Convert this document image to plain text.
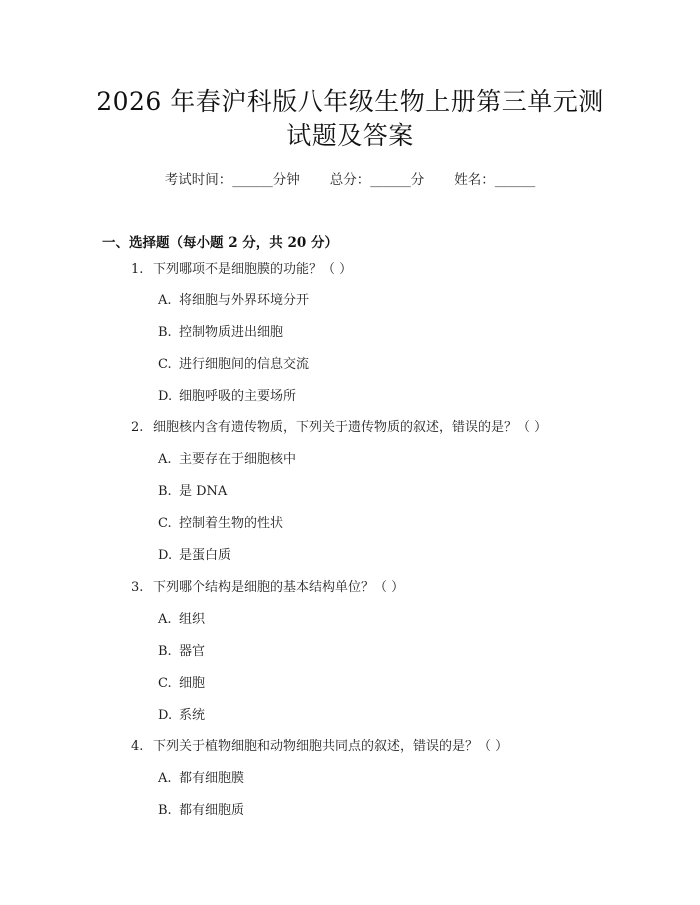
2026 年春沪科版八年级生物上册第三单元测
试题及答案
考试时间：______分钟 总分：______分 姓名：______
一、选择题（每小题 2 分，共 20 分）
1. 下列哪项不是细胞膜的功能？（ ）
A. 将细胞与外界环境分开
B. 控制物质进出细胞
C. 进行细胞间的信息交流
D. 细胞呼吸的主要场所
2. 细胞核内含有遗传物质，下列关于遗传物质的叙述，错误的是？（ ）
A. 主要存在于细胞核中
B. 是 DNA
C. 控制着生物的性状
D. 是蛋白质
3. 下列哪个结构是细胞的基本结构单位？（ ）
A. 组织
B. 器官
C. 细胞
D. 系统
4. 下列关于植物细胞和动物细胞共同点的叙述，错误的是？（ ）
A. 都有细胞膜
B. 都有细胞质
